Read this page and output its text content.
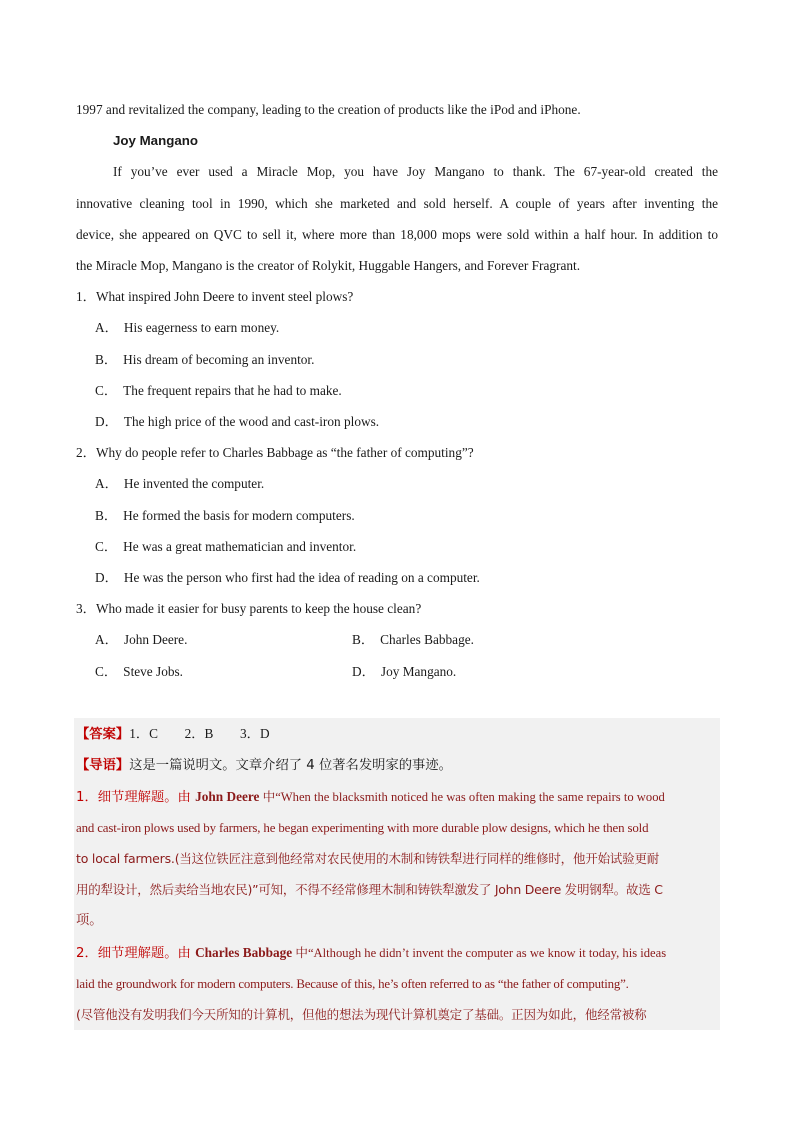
1997 and revitalized the company, leading to the creation of products like the iPod and iPhone.
Joy Mangano
If you’ve ever used a Miracle Mop, you have Joy Mangano to thank. The 67-year-old created the
innovative cleaning tool in 1990, which she marketed and sold herself. A couple of years after inventing the
device, she appeared on QVC to sell it, where more than 18,000 mops were sold within a half hour. In addition to
the Miracle Mop, Mangano is the creator of Rolykit, Huggable Hangers, and Forever Fragrant.
1．What inspired John Deere to invent steel plows?
A． His eagerness to earn money.
B． His dream of becoming an inventor.
C． The frequent repairs that he had to make.
D． The high price of the wood and cast-iron plows.
2．Why do people refer to Charles Babbage as “the father of computing”?
A． He invented the computer.
B． He formed the basis for modern computers.
C． He was a great mathematician and inventor.
D． He was the person who first had the idea of reading on a computer.
3．Who made it easier for busy parents to keep the house clean?
A． John Deere.	B． Charles Babbage.
C． Steve Jobs.	D． Joy Mangano.
【答案】1．C　　2．B　　3．D
【导语】这是一篇说明文。文章介绍了 4 位著名发明家的事迹。
1．细节理解题。由 John Deere 中“When the blacksmith noticed he was often making the same repairs to wood
and cast-iron plows used by farmers, he began experimenting with more durable plow designs, which he then sold
to local farmers.(当这位铁匠注意到他经常对农民使用的木制和铸铁犁进行同样的维修时，他开始试验更耐
用的犁设计，然后卖给当地农民)”可知，不得不经常修理木制和铸铁犁激发了 John Deere 发明钢犁。故选 C
项。
2．细节理解题。由 Charles Babbage 中“Although he didn’t invent the computer as we know it today, his ideas
laid the groundwork for modern computers. Because of this, he’s often referred to as “the father of computing”.
(尽管他没有发明我们今天所知的计算机，但他的想法为现代计算机奠定了基础。正因为如此，他经常被称
